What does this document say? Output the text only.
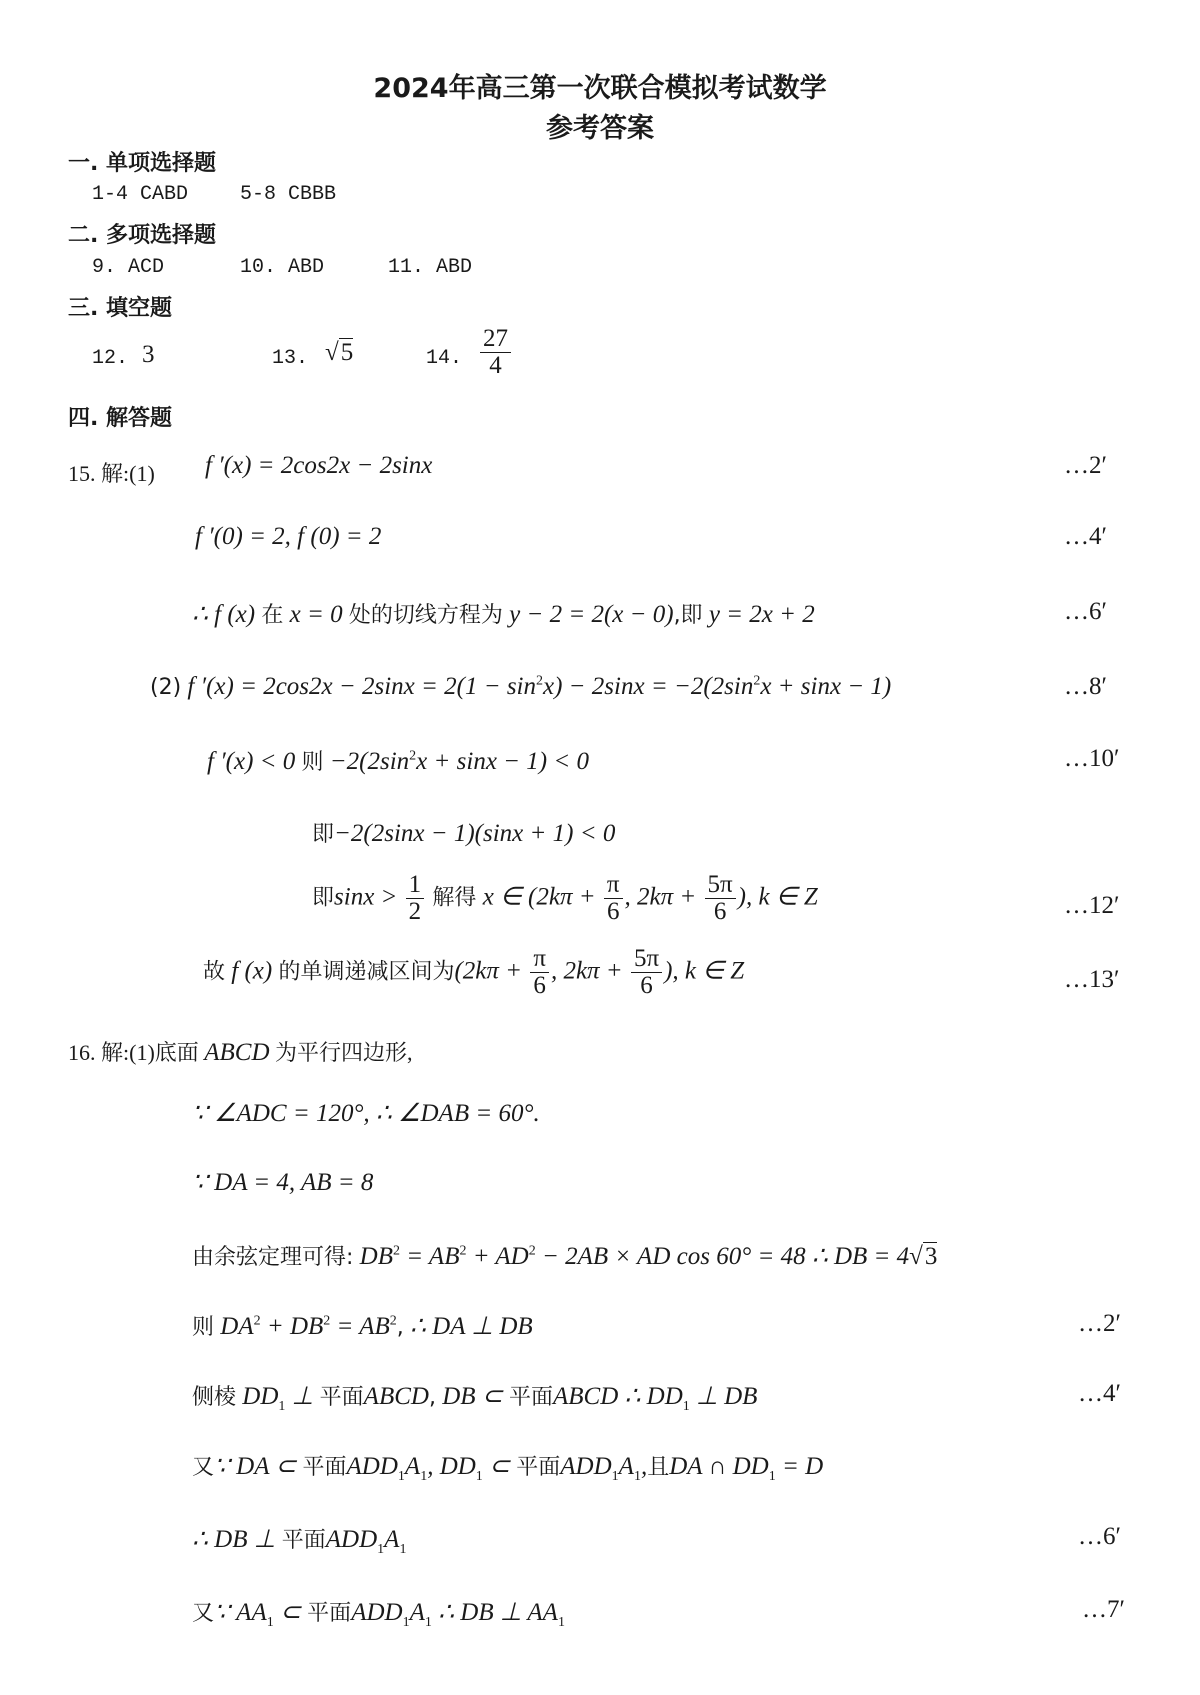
2024年高三第一次联合模拟考试数学
参考答案
一. 单项选择题
1-4 CABD	5-8 CBBB
二. 多项选择题
9. ACD	10. ABD	11. ABD
三. 填空题
12. 3	13. √5	14. $\frac{27}{4}$
四. 解答题
15. 解:(1) f ′(x) = 2cos2x − 2sinx	…2′
f ′(0) = 2, f (0) = 2	…4′
∴ f (x) 在 x = 0 处的切线方程为 y − 2 = 2(x − 0),即 y = 2x + 2	…6′
(2) f $'(x) = 2\cos 2x - 2\sin x = 2(1 - \sin^2x) - 2\sin x = -2(2\sin^2x + \sin x - 1)$	…8′
f ′(x) < 0 则 $-2(2\sin^2x + \sin x - 1) < 0$	…10′
即−2(2sinx − 1)(sinx + 1) < 0
即$\sin x > \frac{1}{2}$ 解得 x ∈ ($2k\pi + \frac{\pi}{6}$ , $2k\pi + \frac{5\pi}{6}$ ), k ∈ Z	…12′
故 f (x) 的单调递减区间为($2k\pi + \frac{\pi}{6}$ , $2k\pi + \frac{5\pi}{6}$ ), k ∈ Z	…13′
16. 解:(1)底面 ABCD 为平行四边形,
∵ ∠ADC = 120°, ∴ ∠DAB = 60°.
∵ DA = 4, AB = 8
由余弦定理可得: $DB^2 = AB^2 + AD^2 - 2AB$ × AD cos 60° = 48 ∴ DB = 4√3
则 $DA^2 + DB^2 = AB^2$, ∴ DA ⊥ DB	…2′
侧棱 $DD_1$ ⊥ 平面ABCD, DB ⊂ 平面ABCD ∴ $DD_1$ ⊥ DB	…4′
又∵ DA ⊂ 平面$ADD_1A_1$, $DD_1$ ⊂ 平面$ADD_1A_1$,且DA ∩ $DD_1 = D$
∴ DB ⊥ 平面$ADD_1A_1$	…6′
又∵ $AA_1$ ⊂ 平面$ADD_1A_1$ ∴ DB ⊥ $AA_1$	…7′
